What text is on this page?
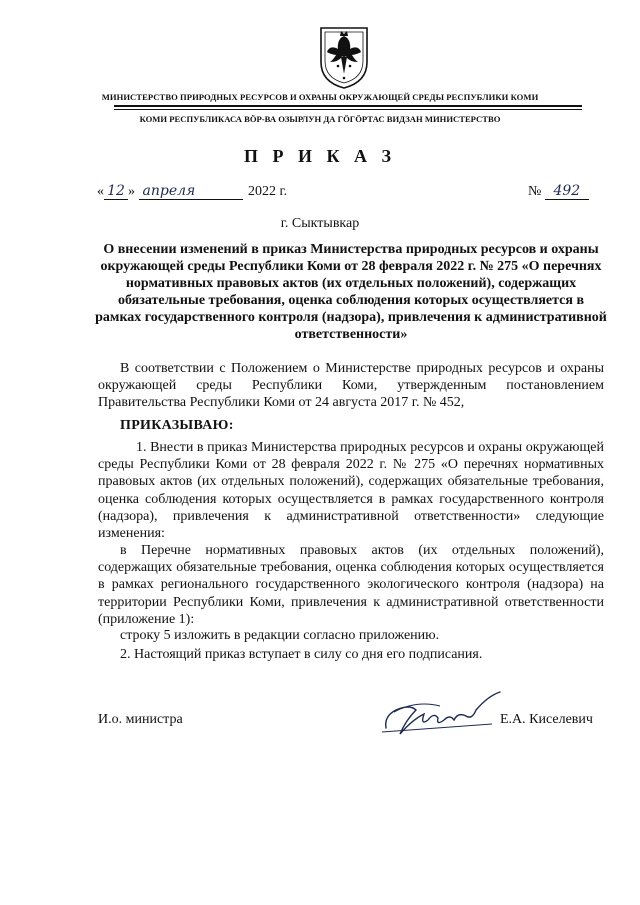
МИНИСТЕРСТВО ПРИРОДНЫХ РЕСУРСОВ И ОХРАНЫ ОКРУЖАЮЩЕЙ СРЕДЫ РЕСПУБЛИКИ КОМИ
КОМИ РЕСПУБЛИКАСА ВӦР-ВА ОЗЫРЛУН ДА ГӦГӦРТАС ВИДЗАН МИНИСТЕРСТВО
П Р И К А З
« 12 » апреля	2022 г.	№ 492
г. Сыктывкар
О внесении изменений в приказ Министерства природных ресурсов и охраны окружающей среды Республики Коми от 28 февраля 2022 г. № 275 «О перечнях нормативных правовых актов (их отдельных положений), содержащих обязательные требования, оценка соблюдения которых осуществляется в рамках государственного контроля (надзора), привлечения к административной ответственности»
В соответствии с Положением о Министерстве природных ресурсов и охраны окружающей среды Республики Коми, утвержденным постановлением Правительства Республики Коми от 24 августа 2017 г. № 452,
ПРИКАЗЫВАЮ:
1. Внести в приказ Министерства природных ресурсов и охраны окружающей среды Республики Коми от 28 февраля 2022 г. № 275 «О перечнях нормативных правовых актов (их отдельных положений), содержащих обязательные требования, оценка соблюдения которых осуществляется в рамках государственного контроля (надзора), привлечения к административной ответственности» следующие изменения:
в Перечне нормативных правовых актов (их отдельных положений), содержащих обязательные требования, оценка соблюдения которых осуществляется в рамках регионального государственного экологического контроля (надзора) на территории Республики Коми, привлечения к административной ответственности (приложение 1):
строку 5 изложить в редакции согласно приложению.
2. Настоящий приказ вступает в силу со дня его подписания.
И.о. министра	Е.А. Киселевич
